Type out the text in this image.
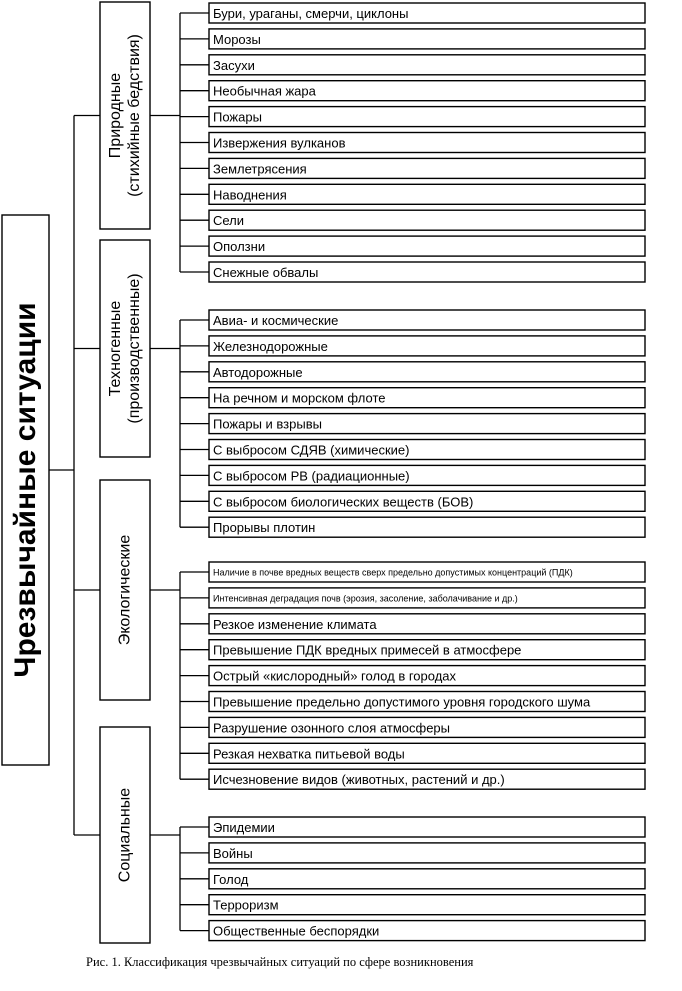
Чрезвычайные ситуации
Природные (стихийные бедствия)
Бури, ураганы, смерчи, циклоны
Морозы
Засухи
Необычная жара
Пожары
Извержения вулканов
Землетрясения
Наводнения
Сели
Оползни
Снежные обвалы
Техногенные (производственные)	Авиа- и космические
Железнодорожные
Автодорожные
На речном и морском флоте
Пожары и взрывы
С выбросом СДЯВ (химические)
С выбросом РВ (радиационные)
С выбросом биологических веществ (БОВ)
Прорывы плотин
Экологические	Наличие в почве вредных веществ сверх предельно допустимых концентраций (ПДК)
Интенсивная деградация почв (эрозия, засоление, заболачивание и др.)
Резкое изменение климата
Превышение ПДК вредных примесей в атмосфере
Острый «кислородный» голод в городах
Превышение предельно допустимого уровня городского шума
Разрушение озонного слоя атмосферы
Резкая нехватка питьевой воды
Исчезновение видов (животных, растений и др.)
Социальные	Эпидемии
Войны
Голод
Терроризм
Общественные беспорядки

Рис. 1. Классификация чрезвычайных ситуаций по сфере возникновения
